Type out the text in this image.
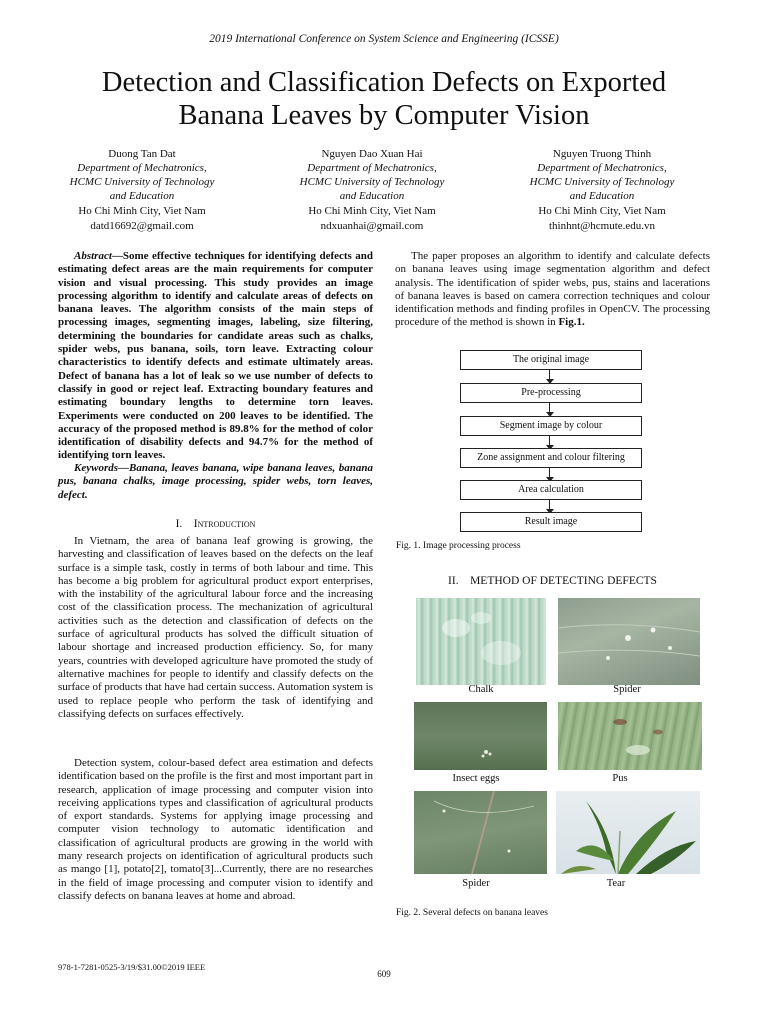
2019 International Conference on System Science and Engineering (ICSSE)
Detection and Classification Defects on Exported
Banana Leaves by Computer Vision
Duong Tan Dat
Department of Mechatronics,
HCMC University of Technology
and Education
Ho Chi Minh City, Viet Nam
datd16692@gmail.com
Nguyen Dao Xuan Hai
Department of Mechatronics,
HCMC University of Technology
and Education
Ho Chi Minh City, Viet Nam
ndxuanhai@gmail.com
Nguyen Truong Thinh
Department of Mechatronics,
HCMC University of Technology
and Education
Ho Chi Minh City, Viet Nam
thinhnt@hcmute.edu.vn

Abstract—Some effective techniques for identifying defects and estimating defect areas are the main requirements for computer vision and visual processing. This study provides an image processing algorithm to identify and calculate areas of defects on banana leaves. The algorithm consists of the main steps of processing images, segmenting images, labeling, size filtering, determining the boundaries for candidate areas such as chalks, spider webs, pus banana, soils, torn leave. Extracting colour characteristics to identify defects and estimate ultimately areas. Defect of banana has a lot of leak so we use number of defects to classify in good or reject leaf. Extracting boundary features and estimating boundary lengths to determine torn leaves. Experiments were conducted on 200 leaves to be identified. The accuracy of the proposed method is 89.8% for the method of color identification of disability defects and 94.7% for the method of identifying torn leaves.

Keywords—Banana, leaves banana, wipe banana leaves, banana pus, banana chalks, image processing, spider webs, torn leaves, defect.

I. Introduction

In Vietnam, the area of banana leaf growing is growing, the harvesting and classification of leaves based on the defects on the leaf surface is a simple task, costly in terms of both labour and time. This has become a big problem for agricultural product export enterprises, with the instability of the agricultural labour force and the increasing cost of the classification process. The mechanization of agricultural activities such as the detection and classification of defects on the surface of agricultural products has solved the difficult situation of labour shortage and increased production efficiency. So, for many years, countries with developed agriculture have promoted the study of alternative machines for people to identify and classify defects on the surface of products that have had certain success. Automation system is used to replace people who perform the task of identifying and classifying defects on surfaces effectively.

Detection system, colour-based defect area estimation and defects identification based on the profile is the first and most important part in research, application of image processing and computer vision into receiving applications types and classification of agricultural products of export standards. Systems for applying image processing and computer vision technology to automatic identification and classification of agricultural products are growing in the world with many research projects on identification of agricultural products such as mango [1], potato[2], tomato[3]...Currently, there are no researches in the field of image processing and computer vision to identify and classify defects on banana leaves at home and abroad.

The paper proposes an algorithm to identify and calculate defects on banana leaves using image segmentation algorithm and defect analysis. The identification of spider webs, pus, stains and lacerations of banana leaves is based on camera correction techniques and colour identification methods and finding profiles in OpenCV. The processing procedure of the method is shown in Fig.1.

The original image
Pre-processing
Segment image by colour
Zone assignment and colour filtering
Area calculation
Result image
Fig. 1. Image processing process
II. METHOD OF DETECTING DEFECTS
Chalk	Spider
Insect eggs	Pus
Spider	Tear
Fig. 2. Several defects on banana leaves
978-1-7281-0525-3/19/$31.00©2019 IEEE
609
